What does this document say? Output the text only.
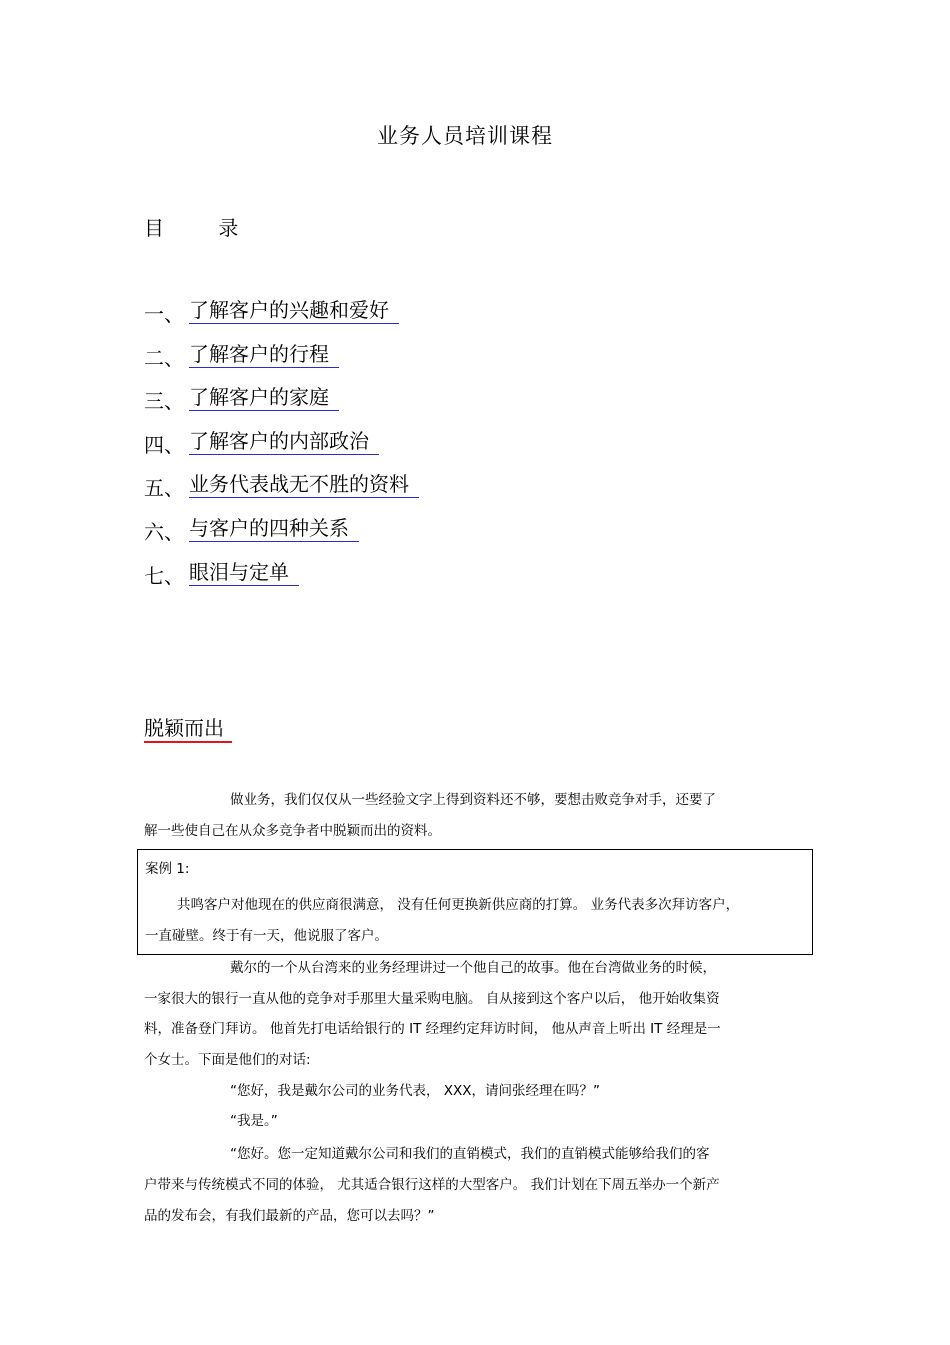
业务人员培训课程
目 录
一、 了解客户的兴趣和爱好
二、 了解客户的行程
三、 了解客户的家庭
四、 了解客户的内部政治
五、 业务代表战无不胜的资料
六、 与客户的四种关系
七、 眼泪与定单
脱颖而出
做业务，我们仅仅从一些经验文字上得到资料还不够，要想击败竞争对手，还要了
解一些使自己在从众多竞争者中脱颖而出的资料。
案例 1:
共鸣客户对他现在的供应商很满意， 没有任何更换新供应商的打算。 业务代表多次拜访客户，
一直碰壁。终于有一天，他说服了客户。
戴尔的一个从台湾来的业务经理讲过一个他自己的故事。他在台湾做业务的时候，
一家很大的银行一直从他的竞争对手那里大量采购电脑。 自从接到这个客户以后， 他开始收集资
料，准备登门拜访。 他首先打电话给银行的 IT 经理约定拜访时间， 他从声音上听出 IT 经理是一
个女士。下面是他们的对话:
“您好，我是戴尔公司的业务代表， XXX，请问张经理在吗？”
“我是。”
“您好。您一定知道戴尔公司和我们的直销模式，我们的直销模式能够给我们的客
户带来与传统模式不同的体验， 尤其适合银行这样的大型客户。 我们计划在下周五举办一个新产
品的发布会，有我们最新的产品，您可以去吗？”
